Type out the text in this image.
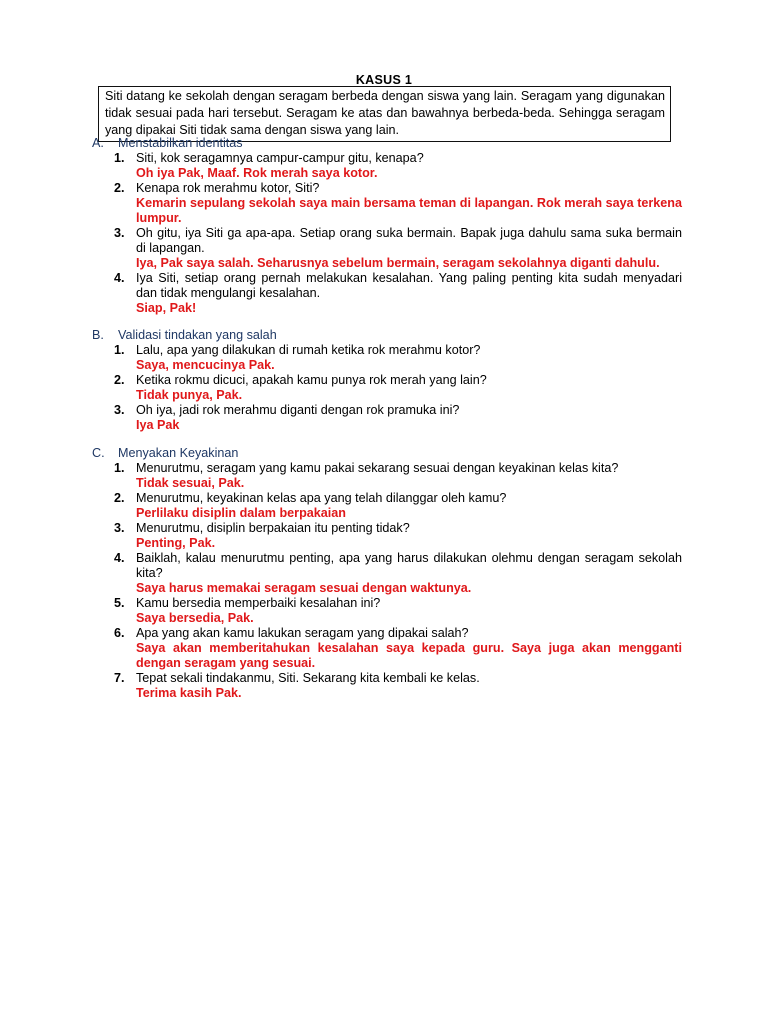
KASUS 1
Siti datang ke sekolah dengan seragam berbeda dengan siswa yang lain. Seragam yang digunakan tidak sesuai pada hari tersebut. Seragam ke atas dan bawahnya berbeda-beda. Sehingga seragam yang dipakai Siti tidak sama dengan siswa yang lain.
A. Menstabilkan identitas
1. Siti, kok seragamnya campur-campur gitu, kenapa?
Oh iya Pak, Maaf. Rok merah saya kotor.
2. Kenapa rok merahmu kotor, Siti?
Kemarin sepulang sekolah saya main bersama teman di lapangan. Rok merah saya terkena lumpur.
3. Oh gitu, iya Siti ga apa-apa. Setiap orang suka bermain. Bapak juga dahulu sama suka bermain di lapangan.
Iya, Pak saya salah. Seharusnya sebelum bermain, seragam sekolahnya diganti dahulu.
4. Iya Siti, setiap orang pernah melakukan kesalahan. Yang paling penting kita sudah menyadari dan tidak mengulangi kesalahan.
Siap, Pak!
B. Validasi tindakan yang salah
1. Lalu, apa yang dilakukan di rumah ketika rok merahmu kotor?
Saya, mencucinya Pak.
2. Ketika rokmu dicuci, apakah kamu punya rok merah yang lain?
Tidak punya, Pak.
3. Oh iya, jadi rok merahmu diganti dengan rok pramuka ini?
Iya Pak
C. Menyakan Keyakinan
1. Menurutmu, seragam yang kamu pakai sekarang sesuai dengan keyakinan kelas kita?
Tidak sesuai, Pak.
2. Menurutmu, keyakinan kelas apa yang telah dilanggar oleh kamu?
Perlilaku disiplin dalam berpakaian
3. Menurutmu, disiplin berpakaian itu penting tidak?
Penting, Pak.
4. Baiklah, kalau menurutmu penting, apa yang harus dilakukan olehmu dengan seragam sekolah kita?
Saya harus memakai seragam sesuai dengan waktunya.
5. Kamu bersedia memperbaiki kesalahan ini?
Saya bersedia, Pak.
6. Apa yang akan kamu lakukan seragam yang dipakai salah?
Saya akan memberitahukan kesalahan saya kepada guru. Saya juga akan mengganti dengan seragam yang sesuai.
7. Tepat sekali tindakanmu, Siti. Sekarang kita kembali ke kelas.
Terima kasih Pak.
